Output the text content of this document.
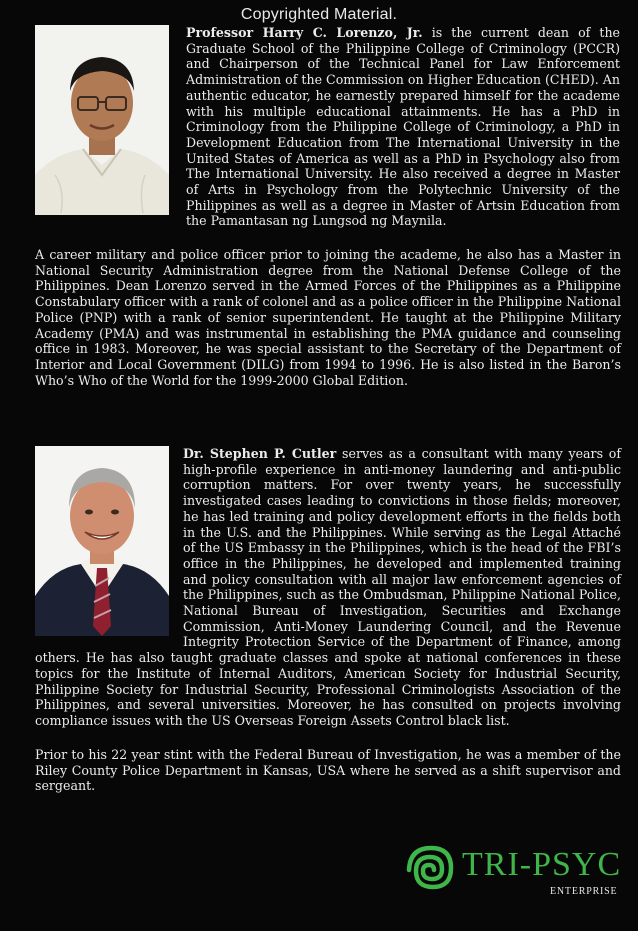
Copyrighted Material.

Professor Harry C. Lorenzo, Jr. is the current dean of the Graduate School of the Philippine College of Criminology (PCCR) and Chairperson of the Technical Panel for Law Enforcement Administration of the Commission on Higher Education (CHED). An authentic educator, he earnestly prepared himself for the academe with his multiple educational attainments. He has a PhD in Criminology from the Philippine College of Criminology, a PhD in Development Education from The International University in the United States of America as well as a PhD in Psychology also from The International University. He also received a degree in Master of Arts in Psychology from the Polytechnic University of the Philippines as well as a degree in Master of Artsin Education from the Pamantasan ng Lungsod ng Maynila.

A career military and police officer prior to joining the academe, he also has a Master in National Security Administration degree from the National Defense College of the Philippines. Dean Lorenzo served in the Armed Forces of the Philippines as a Philippine Constabulary officer with a rank of colonel and as a police officer in the Philippine National Police (PNP) with a rank of senior superintendent. He taught at the Philippine Military Academy (PMA) and was instrumental in establishing the PMA guidance and counseling office in 1983. Moreover, he was special assistant to the Secretary of the Department of Interior and Local Government (DILG) from 1994 to 1996. He is also listed in the Baron’s Who’s Who of the World for the 1999-2000 Global Edition.

Dr. Stephen P. Cutler serves as a consultant with many years of high-profile experience in anti-money laundering and anti-public corruption matters. For over twenty years, he successfully investigated cases leading to convictions in those fields; moreover, he has led training and policy development efforts in the fields both in the U.S. and the Philippines. While serving as the Legal Attaché of the US Embassy in the Philippines, which is the head of the FBI’s office in the Philippines, he developed and implemented training and policy consultation with all major law enforcement agencies of the Philippines, such as the Ombudsman, Philippine National Police, National Bureau of Investigation, Securities and Exchange Commission, Anti-Money Laundering Council, and the Revenue Integrity Protection Service of the Department of Finance, among others. He has also taught graduate classes and spoke at national conferences in these topics for the Institute of Internal Auditors, American Society for Industrial Security, Philippine Society for Industrial Security, Professional Criminologists Association of the Philippines, and several universities. Moreover, he has consulted on projects involving compliance issues with the US Overseas Foreign Assets Control black list.

Prior to his 22 year stint with the Federal Bureau of Investigation, he was a member of the Riley County Police Department in Kansas, USA where he served as a shift supervisor and sergeant.

TRI-PSYC
ENTERPRISE
